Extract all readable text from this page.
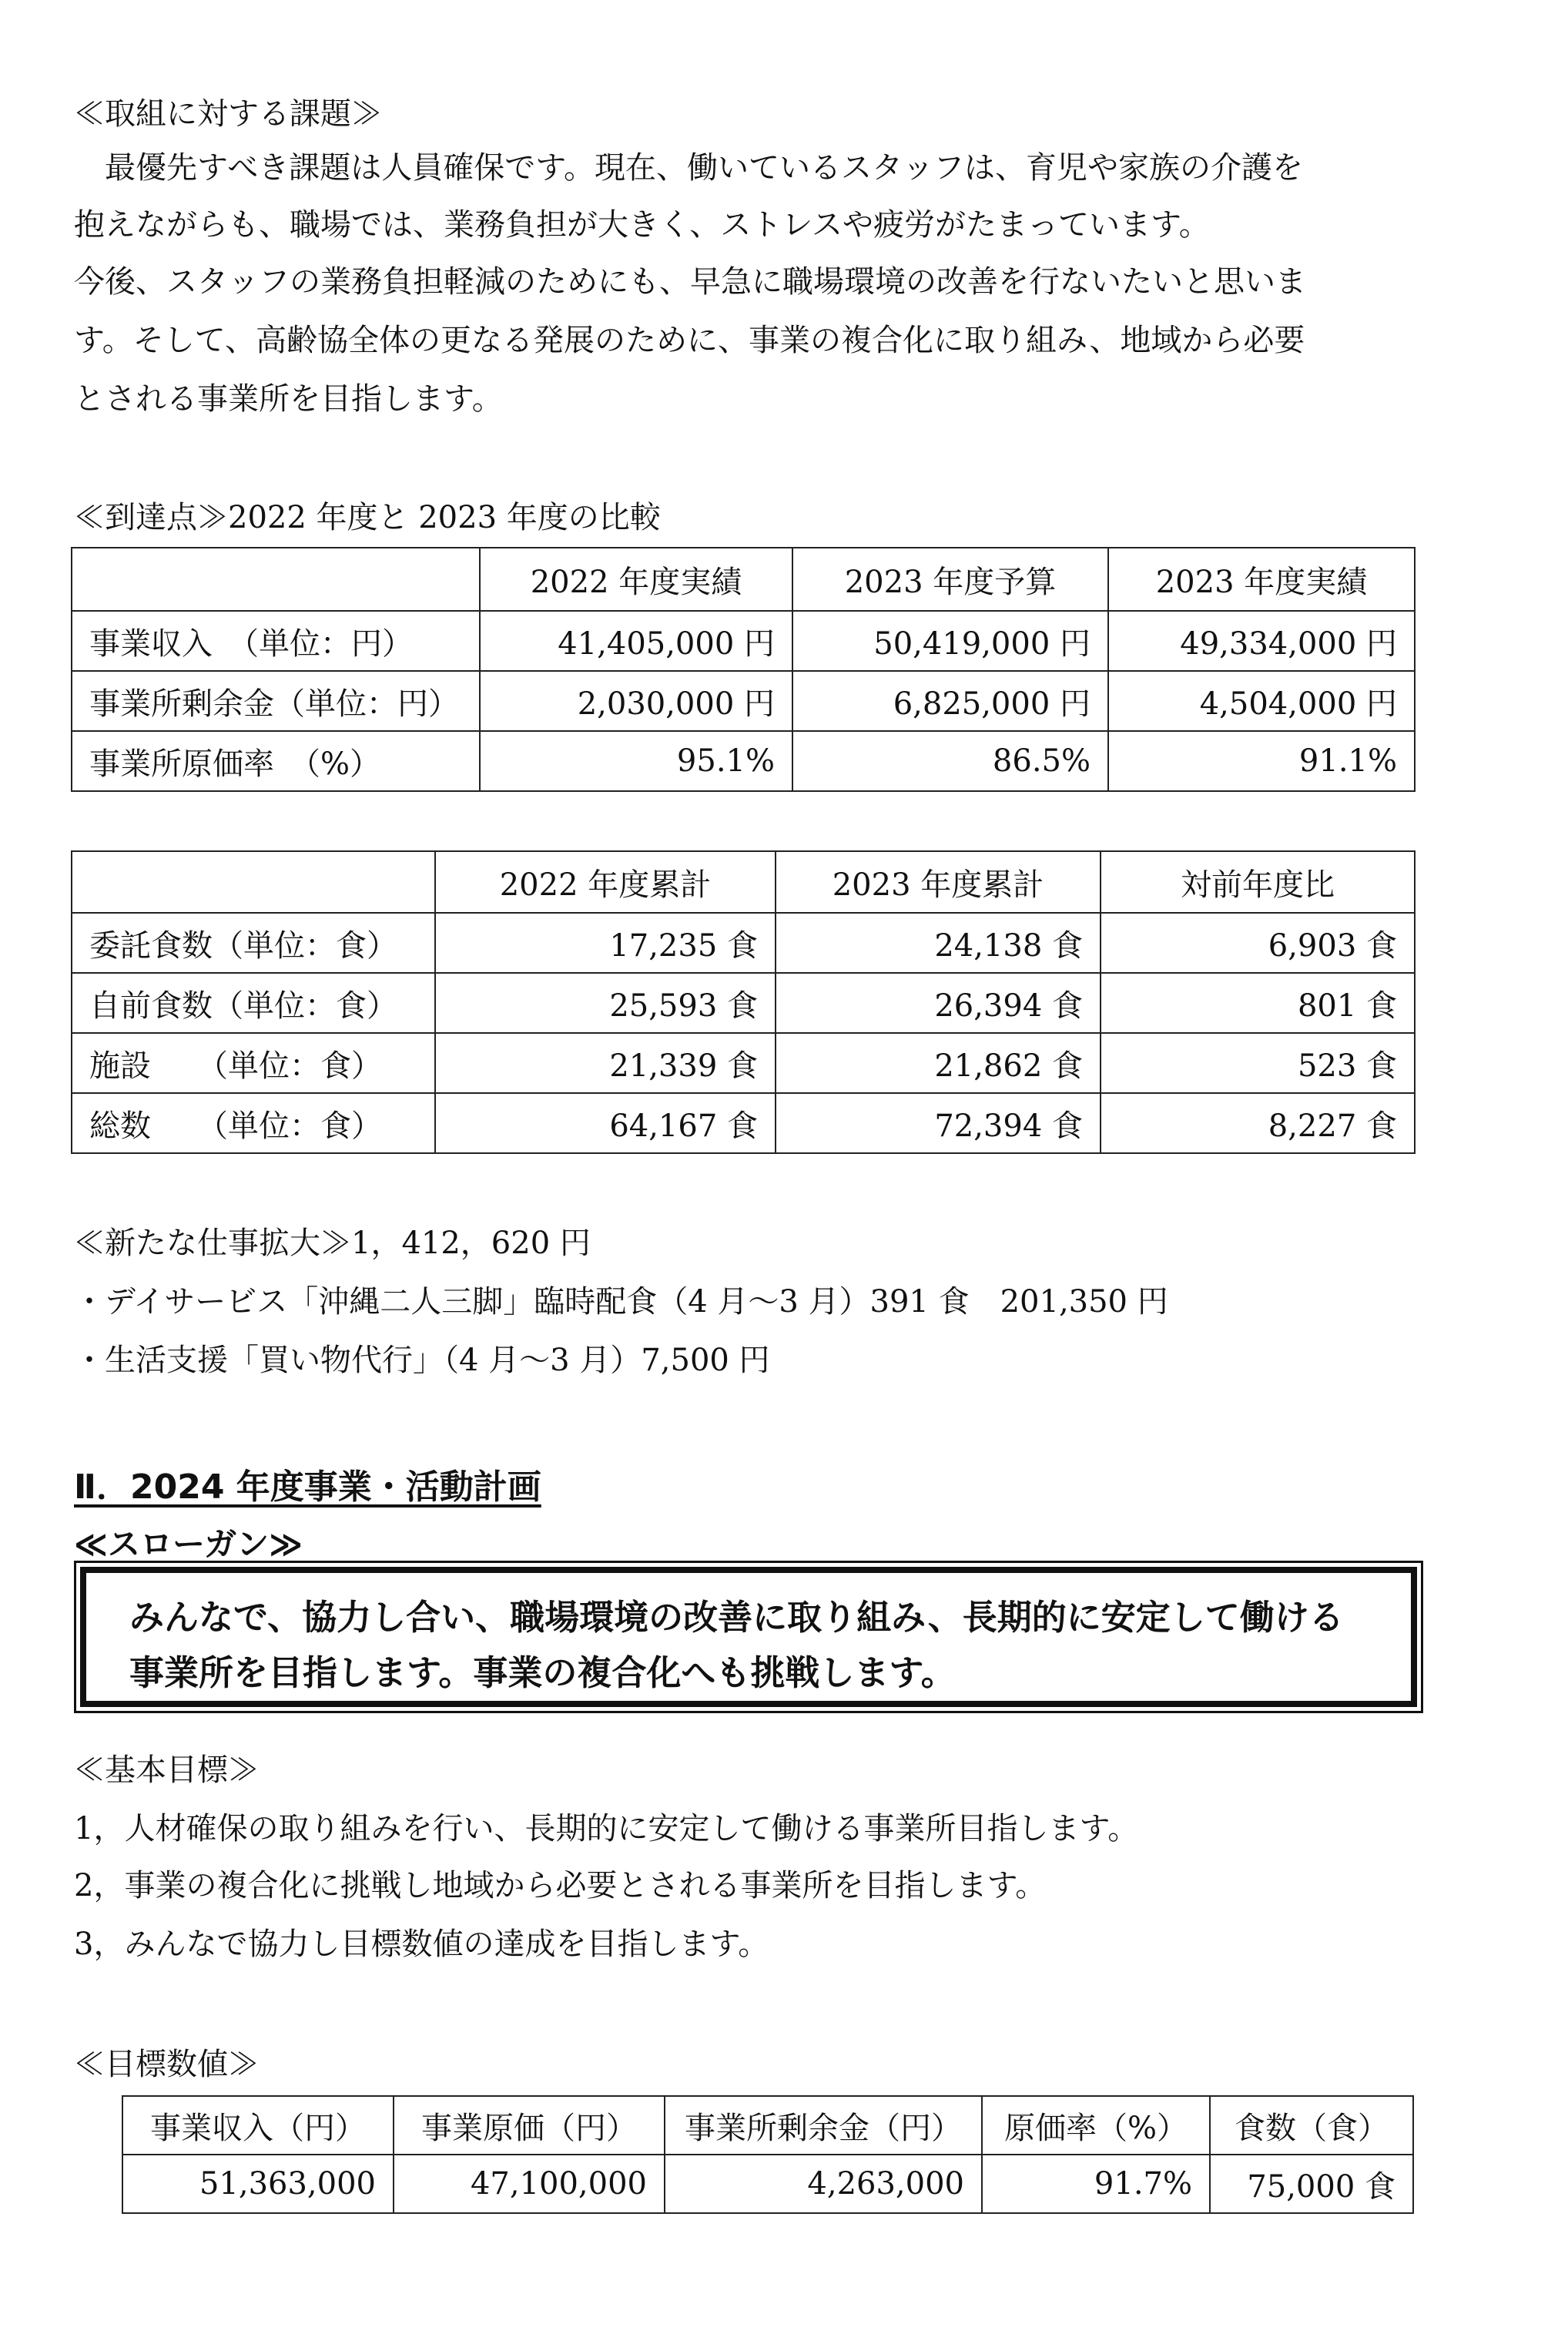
≪取組に対する課題≫
　最優先すべき課題は人員確保です。現在、働いているスタッフは、育児や家族の介護を
抱えながらも、職場では、業務負担が大きく、ストレスや疲労がたまっています。
今後、スタッフの業務負担軽減のためにも、早急に職場環境の改善を行ないたいと思いま
す。そして、高齢協全体の更なる発展のために、事業の複合化に取り組み、地域から必要
とされる事業所を目指します。
≪到達点≫2022 年度と 2023 年度の比較
	2022 年度実績	2023 年度予算	2023 年度実績
事業収入　（単位：円）	41,405,000 円	50,419,000 円	49,334,000 円
事業所剰余金（単位：円）	2,030,000 円	6,825,000 円	4,504,000 円
事業所原価率　（%）	95.1%	86.5%	91.1%
	2022 年度累計	2023 年度累計	対前年度比
委託食数（単位：食）	17,235 食	24,138 食	6,903 食
自前食数（単位：食）	25,593 食	26,394 食	801 食
施設　　（単位：食）	21,339 食	21,862 食	523 食
総数　　（単位：食）	64,167 食	72,394 食	8,227 食
≪新たな仕事拡大≫1，412，620 円
・デイサービス「沖縄二人三脚」臨時配食（4 月～3 月）391 食　201,350 円
・生活支援「買い物代行」（4 月～3 月）7,500 円
Ⅱ．2024 年度事業・活動計画
≪スローガン≫
みんなで、協力し合い、職場環境の改善に取り組み、長期的に安定して働ける
事業所を目指します。事業の複合化へも挑戦します。
≪基本目標≫
1，人材確保の取り組みを行い、長期的に安定して働ける事業所目指します。
2，事業の複合化に挑戦し地域から必要とされる事業所を目指します。
3，みんなで協力し目標数値の達成を目指します。
≪目標数値≫
事業収入（円）	事業原価（円）	事業所剰余金（円）	原価率（%）	食数（食）
51,363,000	47,100,000	4,263,000	91.7%	75,000 食
